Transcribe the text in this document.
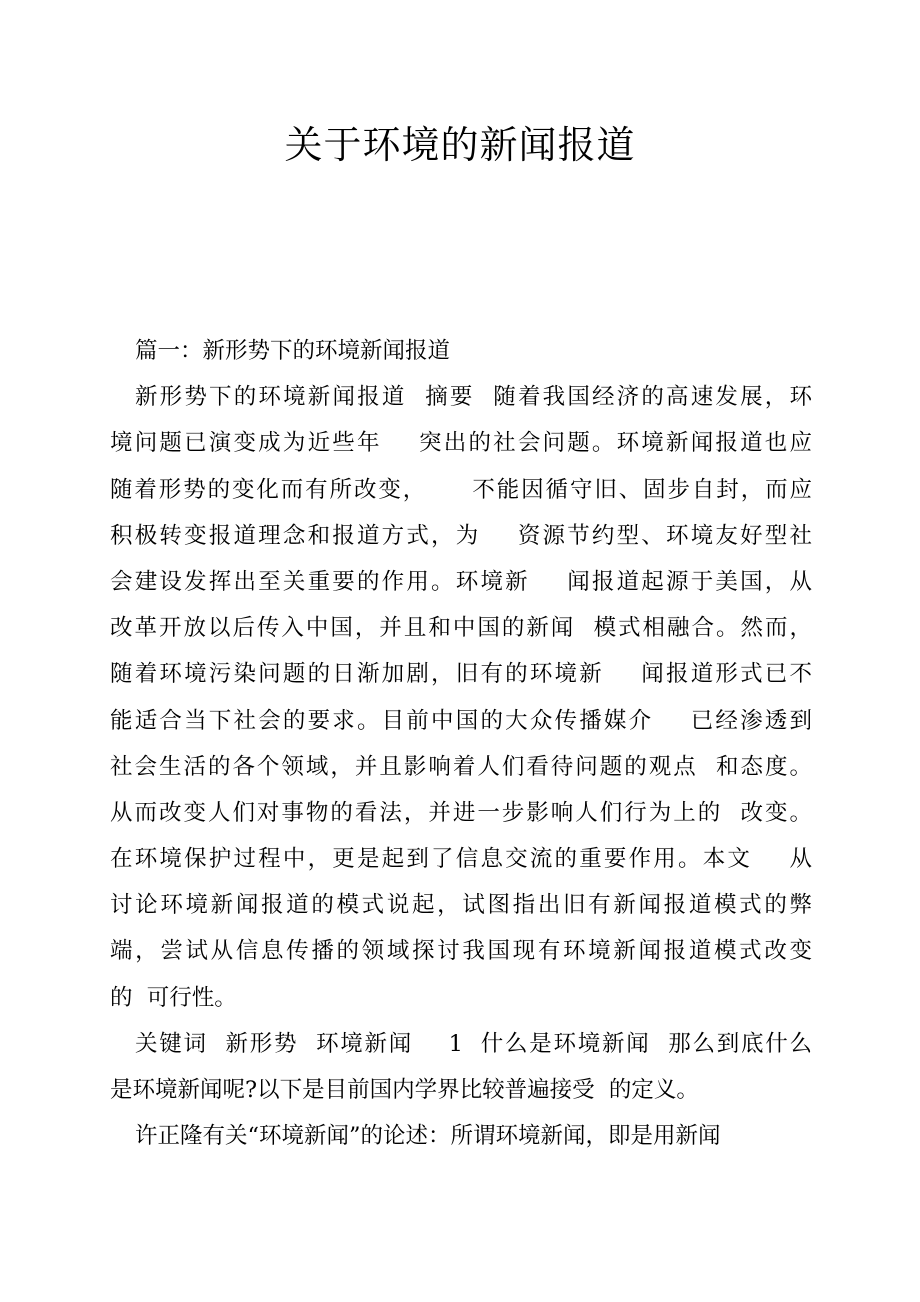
关于环境的新闻报道
篇一：新形势下的环境新闻报道
新形势下的环境新闻报道  摘要  随着我国经济的高速发展，环
境问题已演变成为近些年    突出的社会问题。环境新闻报道也应
随着形势的变化而有所改变，     不能因循守旧、固步自封，而应
积极转变报道理念和报道方式，为    资源节约型、环境友好型社
会建设发挥出至关重要的作用。环境新    闻报道起源于美国，从
改革开放以后传入中国，并且和中国的新闻  模式相融合。然而，
随着环境污染问题的日渐加剧，旧有的环境新    闻报道形式已不
能适合当下社会的要求。目前中国的大众传播媒介    已经渗透到
社会生活的各个领域，并且影响着人们看待问题的观点  和态度。
从而改变人们对事物的看法，并进一步影响人们行为上的  改变。
在环境保护过程中，更是起到了信息交流的重要作用。本文    从
讨论环境新闻报道的模式说起，试图指出旧有新闻报道模式的弊
端，尝试从信息传播的领域探讨我国现有环境新闻报道模式改变
的  可行性。
关键词  新形势  环境新闻    1  什么是环境新闻  那么到底什么
是环境新闻呢?以下是目前国内学界比较普遍接受  的定义。
许正隆有关“环境新闻”的论述：所谓环境新闻，即是用新闻
